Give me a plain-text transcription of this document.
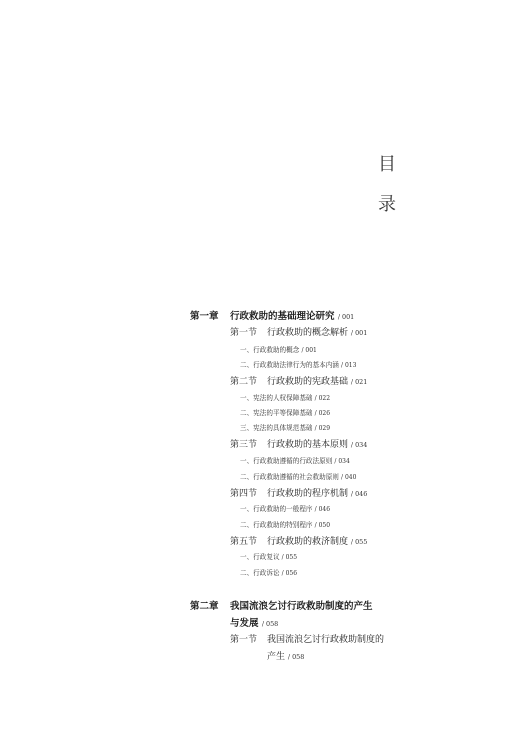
目
录
第一章 行政救助的基础理论研究 / 001
第一节 行政救助的概念解析 / 001
一、行政救助的概念 / 001
二、行政救助法律行为的基本内涵 / 013
第二节 行政救助的宪政基础 / 021
一、宪法的人权保障基础 / 022
二、宪法的平等保障基础 / 026
三、宪法的具体规范基础 / 029
第三节 行政救助的基本原则 / 034
一、行政救助遵循的行政法原则 / 034
二、行政救助遵循的社会救助原则 / 040
第四节 行政救助的程序机制 / 046
一、行政救助的一般程序 / 046
二、行政救助的特别程序 / 050
第五节 行政救助的救济制度 / 055
一、行政复议 / 055
二、行政诉讼 / 056
第二章 我国流浪乞讨行政救助制度的产生
与发展 / 058
第一节 我国流浪乞讨行政救助制度的
产生 / 058
